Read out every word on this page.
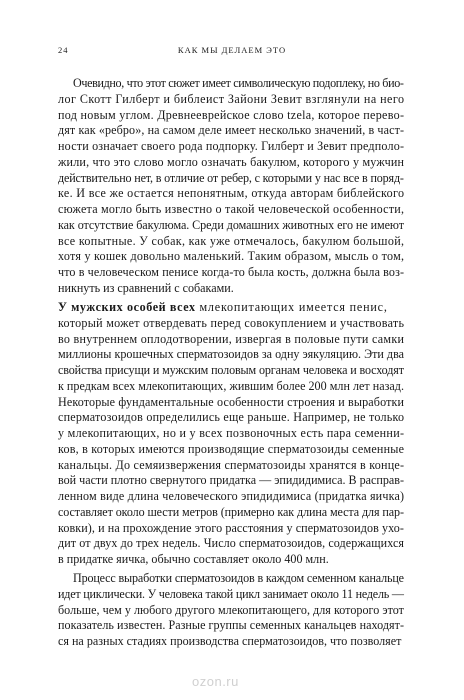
24	КАК МЫ ДЕЛАЕМ ЭТО

Очевидно, что этот сюжет имеет символическую подоплеку, но био-
лог Скотт Гилберт и библеист Зайони Зевит взглянули на него
под новым углом. Древнееврейское слово tzela, которое перево-
дят как «ребро», на самом деле имеет несколько значений, в част-
ности означает своего рода подпорку. Гилберт и Зевит предполо-
жили, что это слово могло означать бакулюм, которого у мужчин
действительно нет, в отличие от ребер, с которыми у нас все в поряд-
ке. И все же остается непонятным, откуда авторам библейского
сюжета могло быть известно о такой человеческой особенности,
как отсутствие бакулюма. Среди домашних животных его не имеют
все копытные. У собак, как уже отмечалось, бакулюм большой,
хотя у кошек довольно маленький. Таким образом, мысль о том,
что в человеческом пенисе когда-то была кость, должна была воз-
никнуть из сравнений с собаками.

У мужских особей всех млекопитающих имеется пенис,
который может отвердевать перед совокуплением и участвовать
во внутреннем оплодотворении, извергая в половые пути самки
миллионы крошечных сперматозоидов за одну эякуляцию. Эти два
свойства присущи и мужским половым органам человека и восходят
к предкам всех млекопитающих, жившим более 200 млн лет назад.
Некоторые фундаментальные особенности строения и выработки
сперматозоидов определились еще раньше. Например, не только
у млекопитающих, но и у всех позвоночных есть пара семенни-
ков, в которых имеются производящие сперматозоиды семенные
канальцы. До семяизвержения сперматозоиды хранятся в конце-
вой части плотно свернутого придатка — эпидидимиса. В расправ-
ленном виде длина человеческого эпидидимиса (придатка яичка)
составляет около шести метров (примерно как длина места для пар-
ковки), и на прохождение этого расстояния у сперматозоидов ухо-
дит от двух до трех недель. Число сперматозоидов, содержащихся
в придатке яичка, обычно составляет около 400 млн.

Процесс выработки сперматозоидов в каждом семенном канальце
идет циклически. У человека такой цикл занимает около 11 недель —
больше, чем у любого другого млекопитающего, для которого этот
показатель известен. Разные группы семенных канальцев находят-
ся на разных стадиях производства сперматозоидов, что позволяет

ozon.ru
